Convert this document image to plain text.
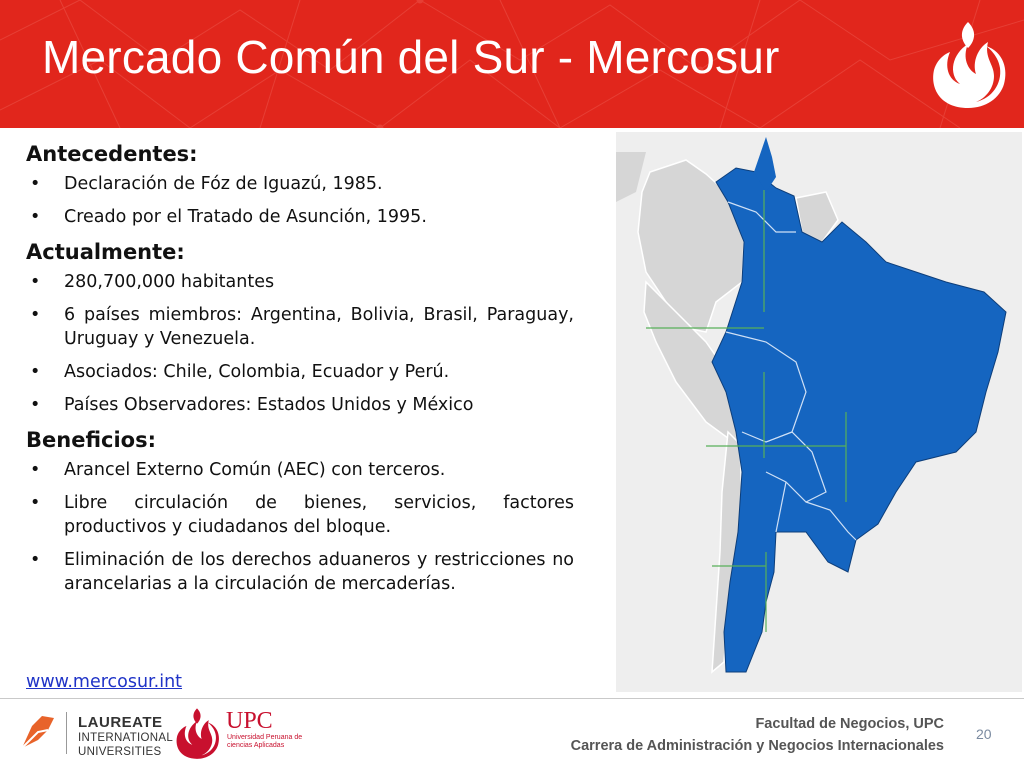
Mercado Común del Sur - Mercosur
Antecedentes:
• Declaración de Fóz de Iguazú, 1985.
• Creado por el Tratado de Asunción, 1995.
Actualmente:
• 280,700,000 habitantes
• 6 países miembros: Argentina, Bolivia, Brasil, Paraguay, Uruguay y Venezuela.
• Asociados: Chile, Colombia, Ecuador y Perú.
• Países Observadores: Estados Unidos y México
Beneficios:
• Arancel Externo Común (AEC) con terceros.
• Libre circulación de bienes, servicios, factores productivos y ciudadanos del bloque.
• Eliminación de los derechos aduaneros y restricciones no arancelarias a la circulación de mercaderías.
www.mercosur.int
LAUREATE
INTERNATIONAL
UNIVERSITIES
UPC
Universidad Peruana de ciencias Aplicadas
Facultad de Negocios, UPC
Carrera de Administración y Negocios Internacionales
20
